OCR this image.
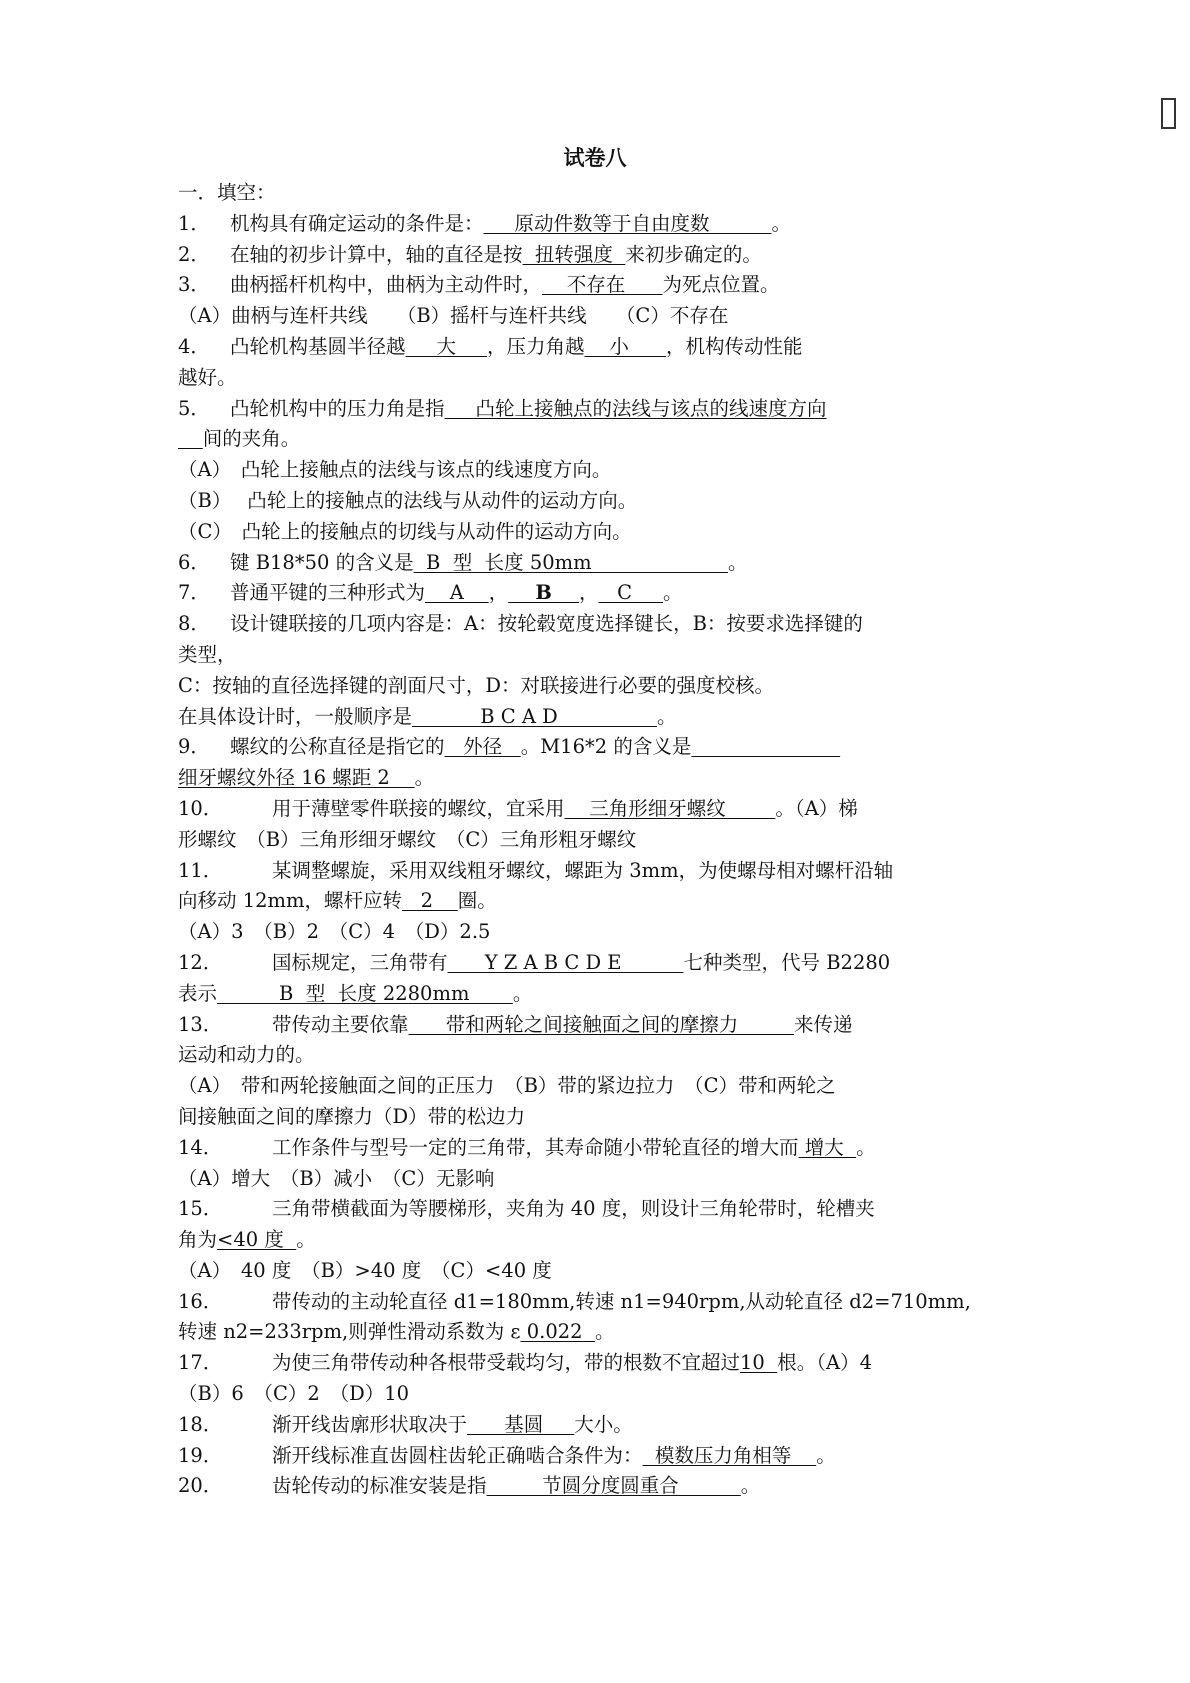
试卷八
一．填空：
1． 机构具有确定运动的条件是：     原动件数等于自由度数          。
2． 在轴的初步计算中，轴的直径是按  扭转强度  来初步确定的。
3． 曲柄摇杆机构中，曲柄为主动件时，    不存在      为死点位置。
（A）曲柄与连杆共线　　（B）摇杆与连杆共线　　（C）不存在
4． 凸轮机构基圆半径越     大     ，压力角越    小      ，机构传动性能
越好。
5． 凸轮机构中的压力角是指     凸轮上接触点的法线与该点的线速度方向
间的夹角。
（A）　凸轮上接触点的法线与该点的线速度方向。
（B）　 凸轮上的接触点的法线与从动件的运动方向。
（C）　凸轮上的接触点的切线与从动件的运动方向。
6． 键 B18*50 的含义是  B  型  长度 50mm                      。
7． 普通平键的三种形式为    A    ，    B    ，   C     。
8． 设计键联接的几项内容是：A：按轮毂宽度选择键长，B：按要求选择键的
类型，
C：按轴的直径选择键的剖面尺寸，D：对联接进行必要的强度校核。
在具体设计时，一般顺序是           B C A D                。
9． 螺纹的公称直径是指它的   外径   。M16*2 的含义是
细牙螺纹外径 16 螺距 2    。
10．	用于薄壁零件联接的螺纹，宜采用    三角形细牙螺纹        。（A）梯
形螺纹　（B）三角形细牙螺纹　（C）三角形粗牙螺纹
11．	某调整螺旋，采用双线粗牙螺纹，螺距为 3mm，为使螺母相对螺杆沿轴
向移动 12mm，螺杆应转   2    圈。
（A）3　（B）2　（C）4　（D）2.5
12．	国标规定，三角带有      Y Z A B C D E          七种类型，代号 B2280
表示          B  型  长度 2280mm       。
13．	带传动主要依靠      带和两轮之间接触面之间的摩擦力         来传递
运动和动力的。
（A）　带和两轮接触面之间的正压力　（B）带的紧边拉力　（C）带和两轮之
间接触面之间的摩擦力（D）带的松边力
14．	工作条件与型号一定的三角带，其寿命随小带轮直径的增大而 增大  。
（A）增大　（B）减小　（C）无影响
15．	三角带横截面为等腰梯形，夹角为 40 度，则设计三角轮带时，轮槽夹
角为<40 度  。
（A）　40 度　（B）>40 度　（C）<40 度
16．	带传动的主动轮直径 d1=180mm,转速 n1=940rpm,从动轮直径 d2=710mm,
转速 n2=233rpm,则弹性滑动系数为 ε 0.022  。
17．	为使三角带传动种各根带受载均匀，带的根数不宜超过10  根。（A）4
（B）6　（C）2　（D）10
18．	渐开线齿廓形状取决于      基圆     大小。
19．	渐开线标准直齿圆柱齿轮正确啮合条件为：  模数压力角相等    。
20．	齿轮传动的标准安装是指         节圆分度圆重合          。
